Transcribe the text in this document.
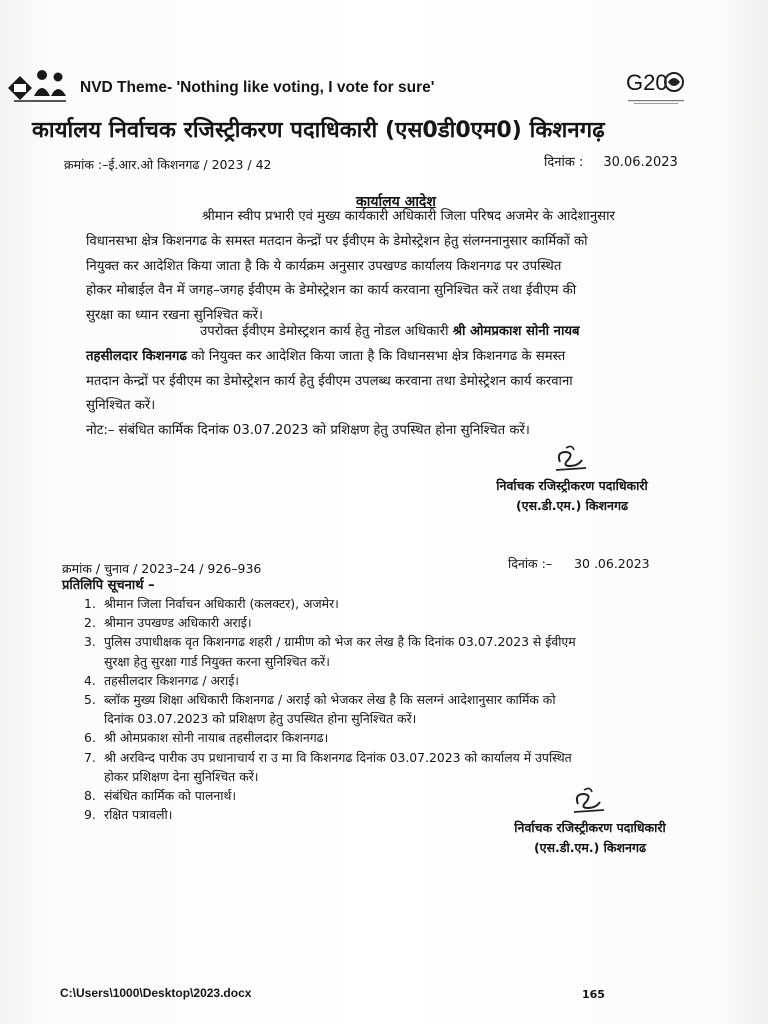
NVD Theme- 'Nothing like voting, I vote for sure'	G20
कार्यालय निर्वाचक रजिस्ट्रीकरण पदाधिकारी (एस0डी0एम0) किशनगढ़
क्रमांक :–ई.आर.ओ किशनगढ / 2023 / 42	दिनांक : 30.06.2023
कार्यालय आदेश
श्रीमान स्वीप प्रभारी एवं मुख्य कार्यकारी अधिकारी जिला परिषद अजमेर के आदेशानुसार
विधानसभा क्षेत्र किशनगढ के समस्त मतदान केन्द्रों पर ईवीएम के डेमोस्ट्रेशन हेतु संलग्ननानुसार कार्मिकों को
नियुक्त कर आदेशित किया जाता है कि ये कार्यक्रम अनुसार उपखण्ड कार्यालय किशनगढ पर उपस्थित
होकर मोबाईल वैन में जगह–जगह ईवीएम के डेमोस्ट्रेशन का कार्य करवाना सुनिश्चित करें तथा ईवीएम की
सुरक्षा का ध्यान रखना सुनिश्चित करें।
उपरोक्त ईवीएम डेमोस्ट्रशन कार्य हेतु नोडल अधिकारी श्री ओमप्रकाश सोनी नायब
तहसीलदार किशनगढ को नियुक्त कर आदेशित किया जाता है कि विधानसभा क्षेत्र किशनगढ के समस्त
मतदान केन्द्रों पर ईवीएम का डेमोस्ट्रेशन कार्य हेतु ईवीएम उपलब्ध करवाना तथा डेमोस्ट्रेशन कार्य करवाना
सुनिश्चित करें।
नोट:– संबंधित कार्मिक दिनांक 03.07.2023 को प्रशिक्षण हेतु उपस्थित होना सुनिश्चित करें।
निर्वाचक रजिस्ट्रीकरण पदाधिकारी
(एस.डी.एम.) किशनगढ
क्रमांक / चुनाव / 2023–24 / 926–936	दिनांक :– 30 .06.2023
प्रतिलिपि सूचनार्थ –
1. श्रीमान जिला निर्वाचन अधिकारी (कलक्टर), अजमेर।
2. श्रीमान उपखण्ड अधिकारी अराई।
3. पुलिस उपाधीक्षक वृत किशनगढ शहरी / ग्रामीण को भेज कर लेख है कि दिनांक 03.07.2023 से ईवीएम
सुरक्षा हेतु सुरक्षा गार्ड नियुक्त करना सुनिश्चित करें।
4. तहसीलदार किशनगढ / अराई।
5. ब्लॉक मुख्य शिक्षा अधिकारी किशनगढ / अराई को भेजकर लेख है कि सलग्नं आदेशानुसार कार्मिक को
दिनांक 03.07.2023 को प्रशिक्षण हेतु उपस्थित होना सुनिश्चित करें।
6. श्री ओमप्रकाश सोनी नायाब तहसीलदार किशनगढ।
7. श्री अरविन्द पारीक उप प्रधानाचार्य रा उ मा वि किशनगढ दिनांक 03.07.2023 को कार्यालय में उपस्थित
होकर प्रशिक्षण देना सुनिश्चित करें।
8. संबंधित कार्मिक को पालनार्थ।
9. रक्षित पत्रावली।
निर्वाचक रजिस्ट्रीकरण पदाधिकारी
(एस.डी.एम.) किशनगढ
C:\Users\1000\Desktop\2023.docx	165
